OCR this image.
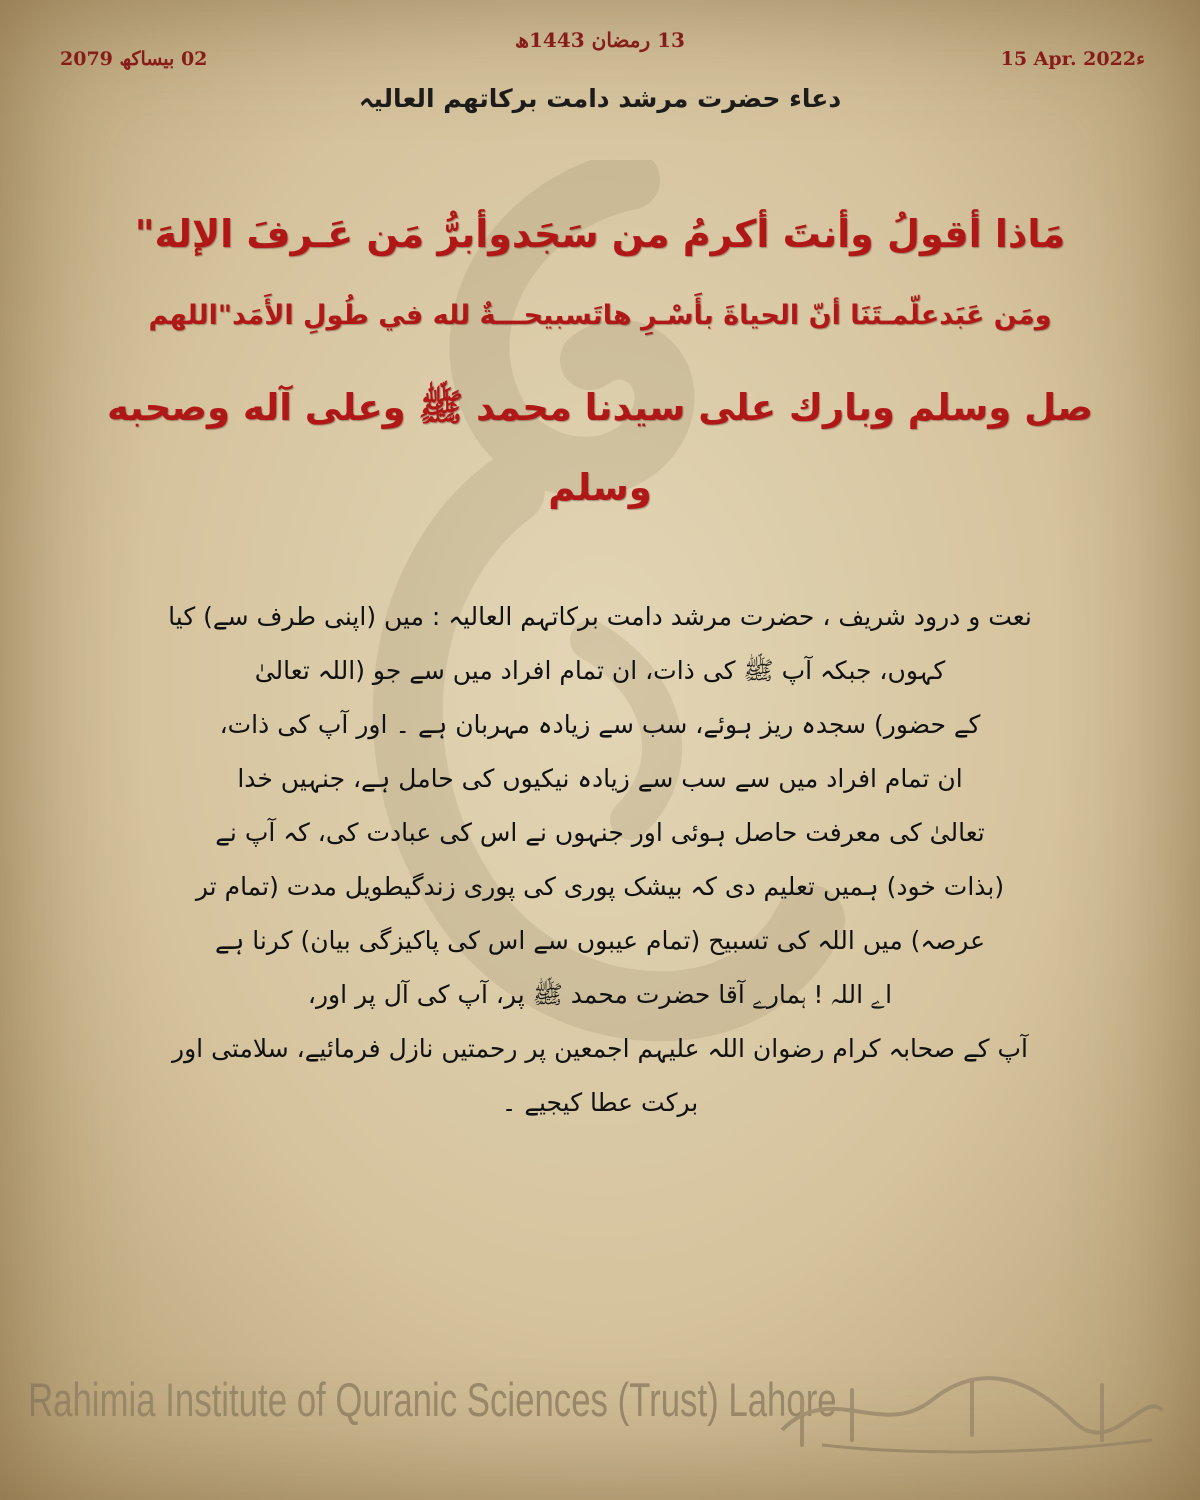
02 بیساکھ 2079
13 رمضان 1443ھ
15 Apr. 2022ء
دعاء حضرت مرشد دامت برکاتھم العالیہ
مَاذا أقولُ وأنتَ أكرمُ من سَجَدوأبرُّ مَن عَـرفَ الإلهَ"
ومَن عَبَدعلّمـتَنَا أنّ الحياةَ بأَسْـرِ هاتَسبيحـــةٌ لله في طُولِ الأَمَد"اللهم
صل وسلم وبارك على سيدنا محمد ﷺ وعلى آله وصحبه وسلم

نعت و درود شریف ، حضرت مرشد دامت برکاتہم العالیہ : میں (اپنی طرف سے) کیا

کہوں، جبکہ آپ ﷺ کی ذات، ان تمام افراد میں سے جو (اللہ تعالیٰ

کے حضور) سجدہ ریز ہوئے، سب سے زیادہ مہربان ہے ۔ اور آپ کی ذات،

ان تمام افراد میں سے سب سے زیادہ نیکیوں کی حامل ہے، جنہیں خدا

تعالیٰ کی معرفت حاصل ہوئی اور جنہوں نے اس کی عبادت کی، کہ آپ نے

(بذات خود) ہمیں تعلیم دی کہ بیشک پوری کی پوری زندگیطویل مدت (تمام تر

عرصہ) میں اللہ کی تسبیح (تمام عیبوں سے اس کی پاکیزگی بیان) کرنا ہے

اے اللہ ! ہمارے آقا حضرت محمد ﷺ پر، آپ کی آل پر اور،

آپ کے صحابہ کرام رضوان اللہ علیہم اجمعین پر رحمتیں نازل فرمائیے، سلامتی اور

برکت عطا کیجیے ۔

Rahimia Institute of Quranic Sciences (Trust) Lahore
